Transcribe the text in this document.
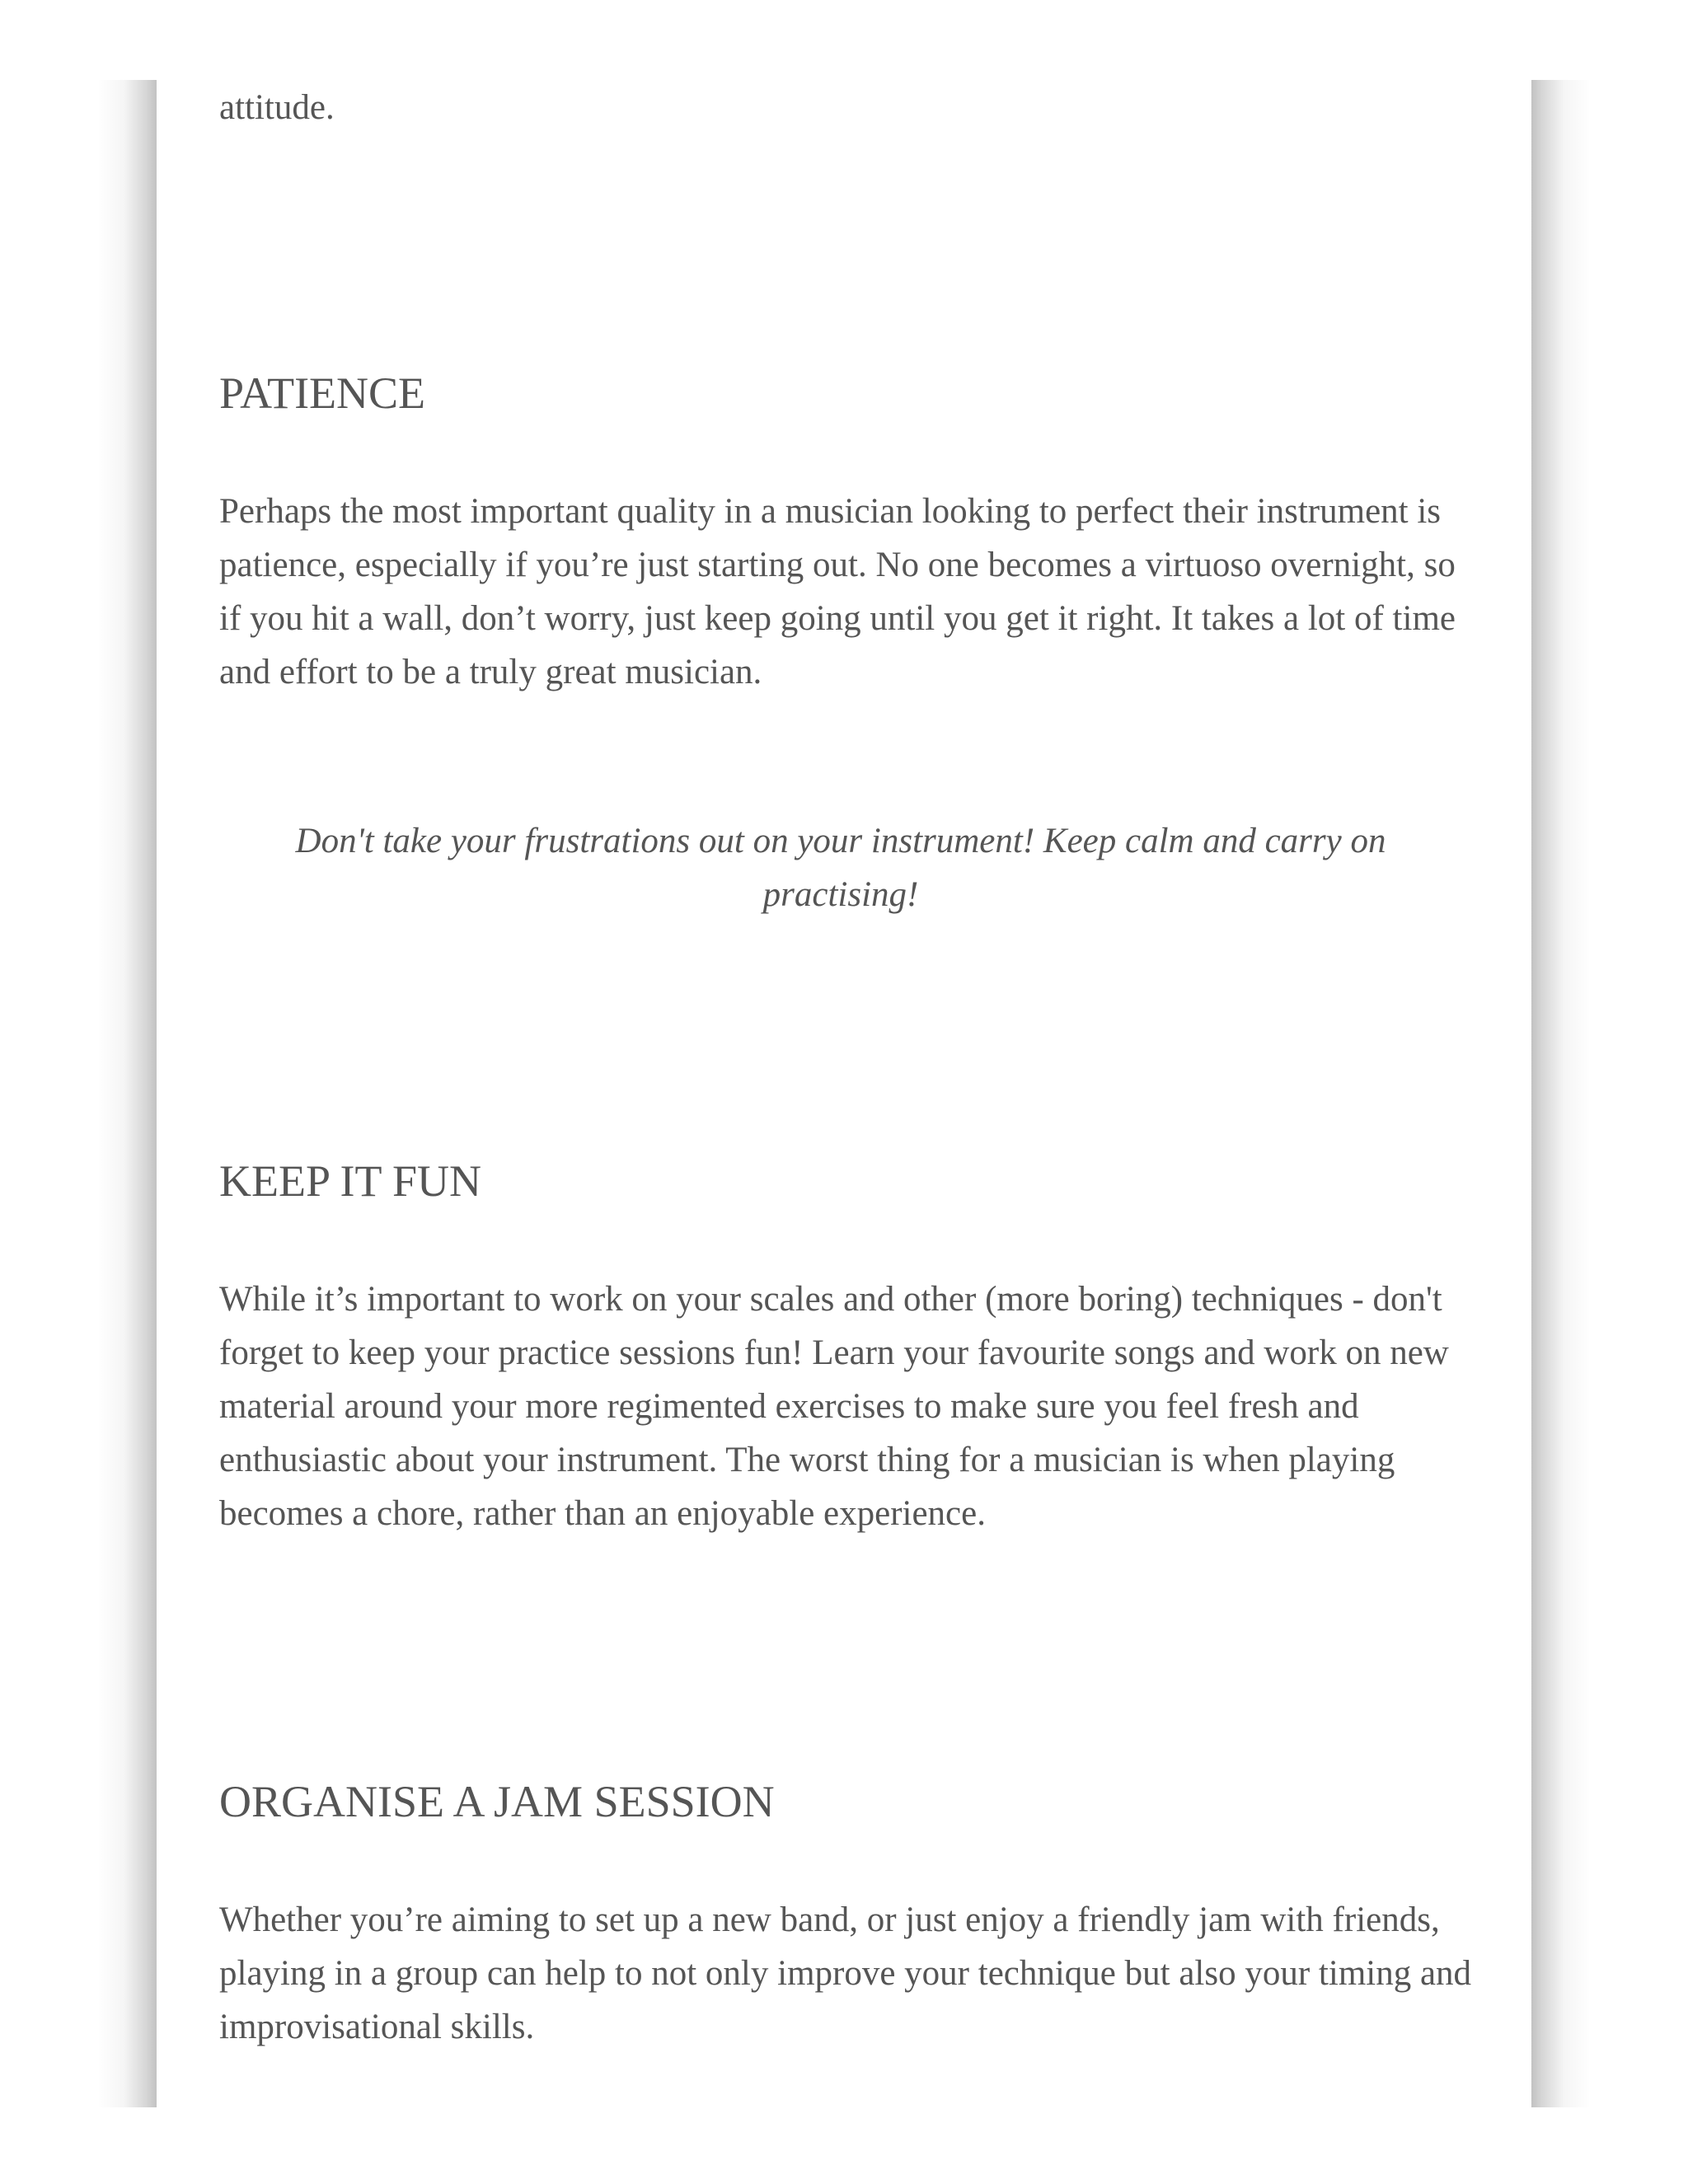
attitude.

PATIENCE

Perhaps the most important quality in a musician looking to perfect their instrument is patience, especially if you’re just starting out. No one becomes a virtuoso overnight, so if you hit a wall, don’t worry, just keep going until you get it right. It takes a lot of time and effort to be a truly great musician.

Don't take your frustrations out on your instrument! Keep calm and carry on practising!

KEEP IT FUN

While it’s important to work on your scales and other (more boring) techniques - don't forget to keep your practice sessions fun! Learn your favourite songs and work on new material around your more regimented exercises to make sure you feel fresh and enthusiastic about your instrument. The worst thing for a musician is when playing becomes a chore, rather than an enjoyable experience.

ORGANISE A JAM SESSION

Whether you’re aiming to set up a new band, or just enjoy a friendly jam with friends, playing in a group can help to not only improve your technique but also your timing and improvisational skills.
